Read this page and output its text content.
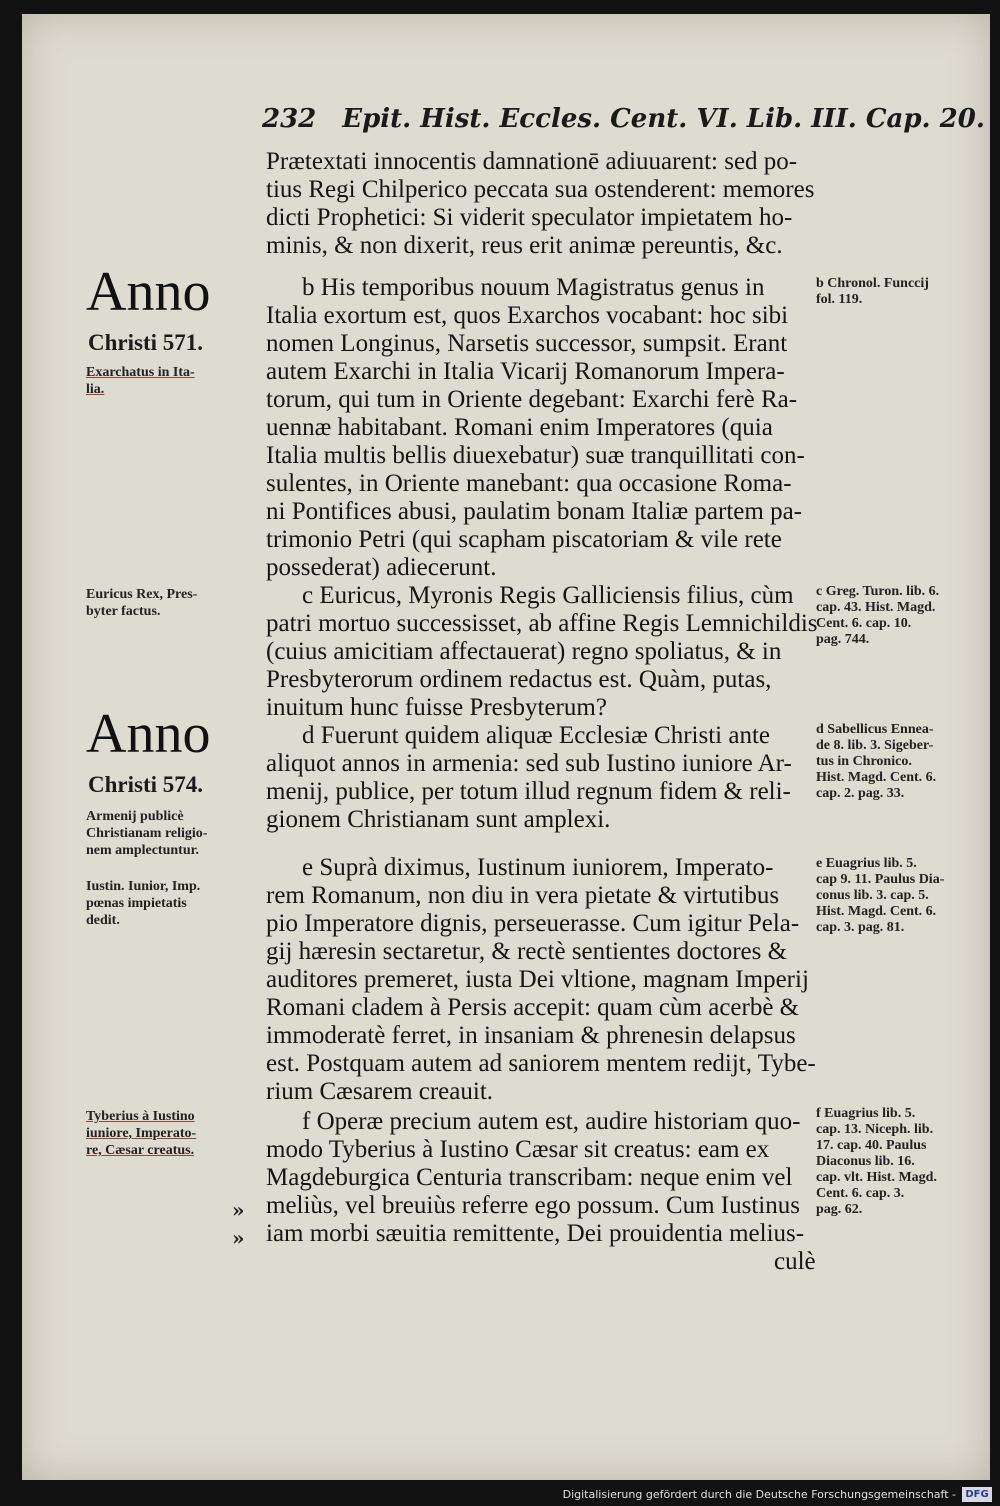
232 Epit. Hist. Eccles. Cent. VI. Lib. III. Cap. 20.
Prætextati innocentis damnationē adiuuarent: sed po-
tius Regi Chilperico peccata sua ostenderent: memores
dicti Prophetici: Si viderit speculator impietatem ho-
minis, & non dixerit, reus erit animæ pereuntis, &c.
b His temporibus nouum Magistratus genus in
Italia exortum est, quos Exarchos vocabant: hoc sibi
nomen Longinus, Narsetis successor, sumpsit. Erant
autem Exarchi in Italia Vicarij Romanorum Impera-
torum, qui tum in Oriente degebant: Exarchi ferè Ra-
uennæ habitabant. Romani enim Imperatores (quia
Italia multis bellis diuexebatur) suæ tranquillitati con-
sulentes, in Oriente manebant: qua occasione Roma-
ni Pontifices abusi, paulatim bonam Italiæ partem pa-
trimonio Petri (qui scapham piscatoriam & vile rete
possederat) adiecerunt.
c Euricus, Myronis Regis Galliciensis filius, cùm
patri mortuo successisset, ab affine Regis Lemnichildis
(cuius amicitiam affectauerat) regno spoliatus, & in
Presbyterorum ordinem redactus est. Quàm, putas,
inuitum hunc fuisse Presbyterum?
d Fuerunt quidem aliquæ Ecclesiæ Christi ante
aliquot annos in armenia: sed sub Iustino iuniore Ar-
menij, publice, per totum illud regnum fidem & reli-
gionem Christianam sunt amplexi.
e Suprà diximus, Iustinum iuniorem, Imperato-
rem Romanum, non diu in vera pietate & virtutibus
pio Imperatore dignis, perseuerasse. Cum igitur Pela-
gij hæresin sectaretur, & rectè sentientes doctores &
auditores premeret, iusta Dei vltione, magnam Imperij
Romani cladem à Persis accepit: quam cùm acerbè &
immoderatè ferret, in insaniam & phrenesin delapsus
est. Postquam autem ad saniorem mentem redijt, Tybe-
rium Cæsarem creauit.
f Operæ precium autem est, audire historiam quo-
modo Tyberius à Iustino Cæsar sit creatus: eam ex
Magdeburgica Centuria transcribam: neque enim vel
meliùs, vel breuiùs referre ego possum. Cum Iustinus
iam morbi sæuitia remittente, Dei prouidentia melius-
»
»
culè
Anno
Christi 571.
Exarchatus in Ita-
lia.
Euricus Rex, Pres-
byter factus.
Anno
Christi 574.
Armenij publicè
Christianam religio-
nem amplectuntur.
Iustin. Iunior, Imp.
pœnas impietatis
dedit.
Tyberius à Iustino
iuniore, Imperato-
re, Cæsar creatus.
b Chronol. Funccij
fol. 119.
c Greg. Turon. lib. 6.
cap. 43. Hist. Magd.
Cent. 6. cap. 10.
pag. 744.
d Sabellicus Ennea-
de 8. lib. 3. Sigeber-
tus in Chronico.
Hist. Magd. Cent. 6.
cap. 2. pag. 33.
e Euagrius lib. 5.
cap 9. 11. Paulus Dia-
conus lib. 3. cap. 5.
Hist. Magd. Cent. 6.
cap. 3. pag. 81.
f Euagrius lib. 5.
cap. 13. Niceph. lib.
17. cap. 40. Paulus
Diaconus lib. 16.
cap. vlt. Hist. Magd.
Cent. 6. cap. 3.
pag. 62.
Digitalisierung gefördert durch die Deutsche Forschungsgemeinschaft - DFG
